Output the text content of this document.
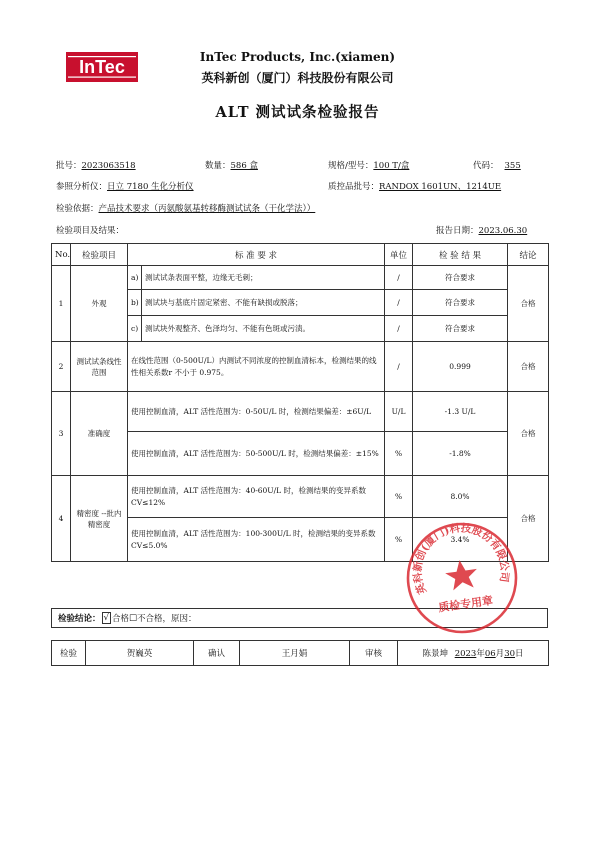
InTec	InTec Products, Inc.(xiamen)
英科新创（厦门）科技股份有限公司
ALT 测试试条检验报告
批号：2023063518	数量：586 盒	规格/型号：100 T/盒	代码： 355
参照分析仪：日立 7180 生化分析仪	质控品批号：RANDOX 1601UN、1214UE
检验依据：产品技术要求（丙氨酸氨基转移酶测试试条（干化学法））
检验项目及结果：	报告日期：2023.06.30
No.	检验项目	标 准 要 求		单位	检 验 结 果	结论
1	外观	a)	测试试条表面平整，边缘无毛刺；	/	符合要求	合格
		b)	测试块与基底片固定紧密、不能有缺损或脱落；	/	符合要求	
		c)	测试块外观整齐、色泽均匀、不能有色斑或污渍。	/	符合要求	
2	测试试条线性范围	在线性范围（0-500U/L）内测试不同浓度的控制血清标本，检测结果的线性相关系数r 不小于 0.975。		/	0.999	合格
3	准确度	使用控制血清，ALT 活性范围为：0-50U/L 时，检测结果偏差：±6U/L		U/L	-1.3 U/L	合格
		使用控制血清，ALT 活性范围为：50-500U/L 时，检测结果偏差：±15%		%	-1.8%	
4	精密度 --批内精密度	使用控制血清，ALT 活性范围为：40-60U/L 时，检测结果的变异系数 CV≤12%		%	8.0%	合格
		使用控制血清，ALT 活性范围为：100-300U/L 时，检测结果的变异系数 CV≤5.0%		%	3.4%	
检验结论： √ 合格 □ 不合格，原因：
检验	贺巍英	确认	王月娟	审核	陈景坤 2023年06月30日
英科新创(厦门)科技股份有限公司
质检专用章
